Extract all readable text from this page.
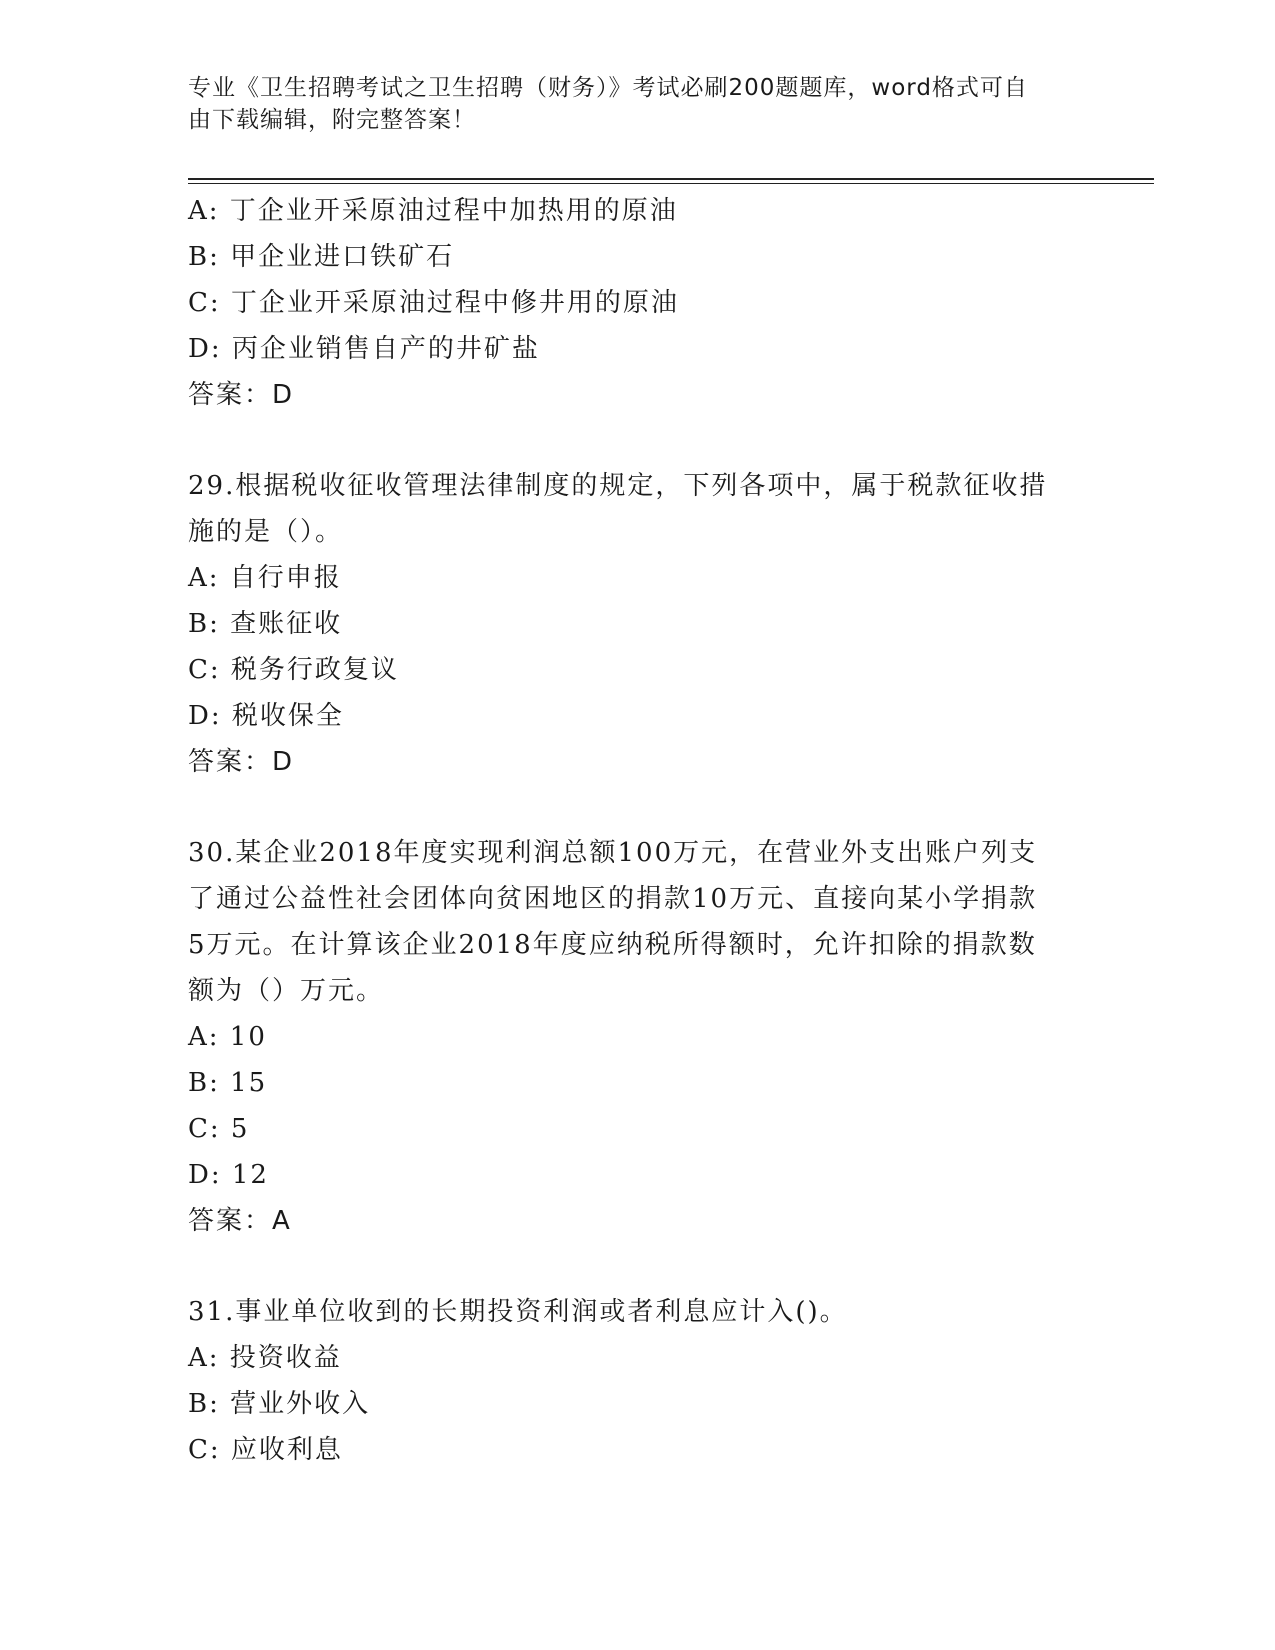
专业《卫生招聘考试之卫生招聘（财务）》考试必刷200题题库，word格式可自
由下载编辑，附完整答案！
A: 丁企业开采原油过程中加热用的原油
B: 甲企业进口铁矿石
C: 丁企业开采原油过程中修井用的原油
D: 丙企业销售自产的井矿盐
答案：D
29.根据税收征收管理法律制度的规定，下列各项中，属于税款征收措
施的是（）。
A: 自行申报
B: 查账征收
C: 税务行政复议
D: 税收保全
答案：D
30.某企业2018年度实现利润总额100万元，在营业外支出账户列支
了通过公益性社会团体向贫困地区的捐款10万元、直接向某小学捐款
5万元。在计算该企业2018年度应纳税所得额时，允许扣除的捐款数
额为（）万元。
A: 10
B: 15
C: 5
D: 12
答案：A
31.事业单位收到的长期投资利润或者利息应计入()。
A: 投资收益
B: 营业外收入
C: 应收利息
